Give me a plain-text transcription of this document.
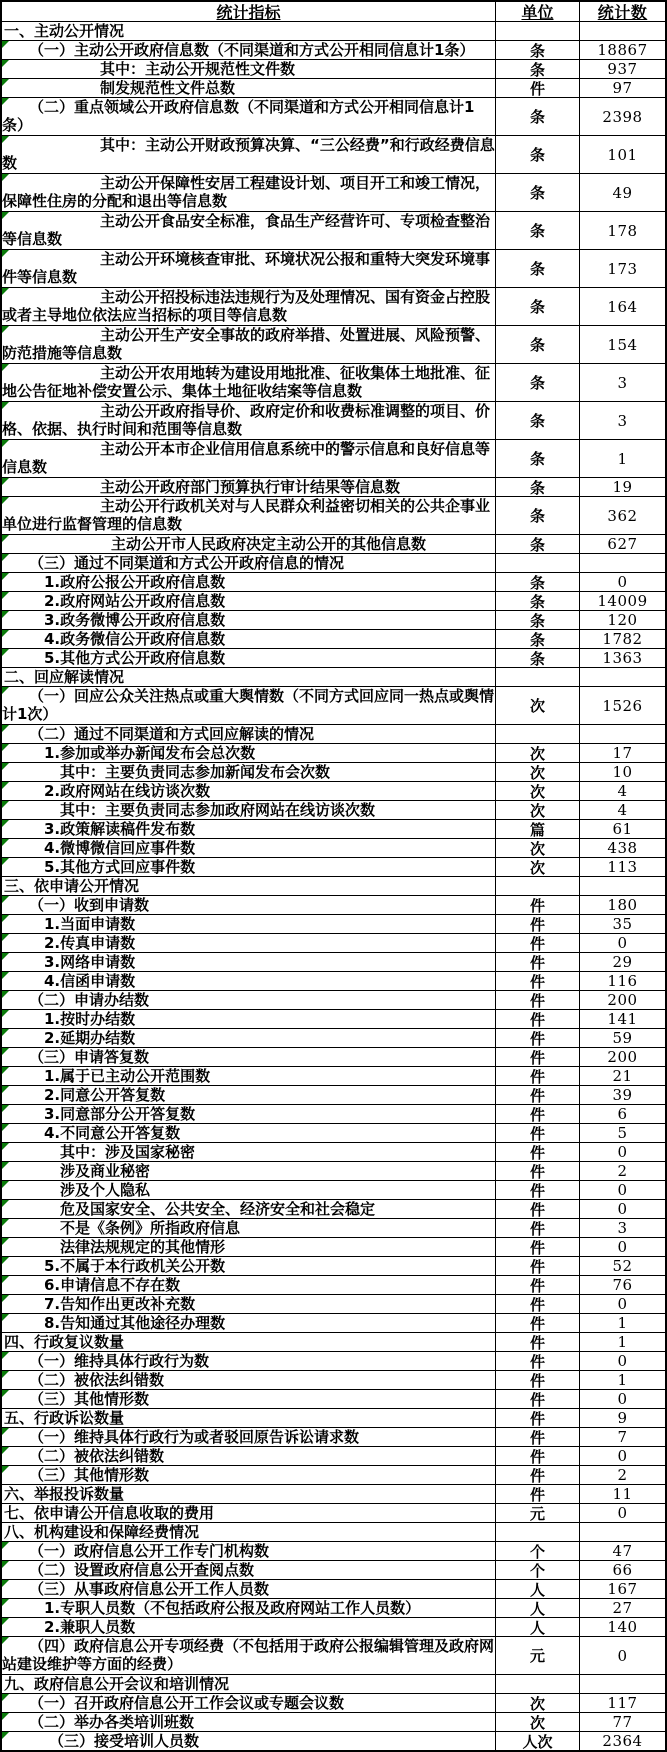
统计指标	单位	统计数
一、主动公开情况
（一）主动公开政府信息数（不同渠道和方式公开相同信息计1条）	条	18867
其中：主动公开规范性文件数	条	937
制发规范性文件总数	件	97
（二）重点领域公开政府信息数（不同渠道和方式公开相同信息计1条）	条	2398
其中：主动公开财政预算决算、“三公经费”和行政经费信息数	条	101
主动公开保障性安居工程建设计划、项目开工和竣工情况，保障性住房的分配和退出等信息数	条	49
主动公开食品安全标准，食品生产经营许可、专项检查整治等信息数	条	178
主动公开环境核查审批、环境状况公报和重特大突发环境事件等信息数	条	173
主动公开招投标违法违规行为及处理情况、国有资金占控股或者主导地位依法应当招标的项目等信息数	条	164
主动公开生产安全事故的政府举措、处置进展、风险预警、防范措施等信息数	条	154
主动公开农用地转为建设用地批准、征收集体土地批准、征地公告征地补偿安置公示、集体土地征收结案等信息数	条	3
主动公开政府指导价、政府定价和收费标准调整的项目、价格、依据、执行时间和范围等信息数	条	3
主动公开本市企业信用信息系统中的警示信息和良好信息等信息数	条	1
主动公开政府部门预算执行审计结果等信息数	条	19
主动公开行政机关对与人民群众利益密切相关的公共企事业单位进行监督管理的信息数	条	362
主动公开市人民政府决定主动公开的其他信息数	条	627
（三）通过不同渠道和方式公开政府信息的情况
1.政府公报公开政府信息数	条	0
2.政府网站公开政府信息数	条	14009
3.政务微博公开政府信息数	条	120
4.政务微信公开政府信息数	条	1782
5.其他方式公开政府信息数	条	1363
二、回应解读情况
（一）回应公众关注热点或重大舆情数（不同方式回应同一热点或舆情计1次）	次	1526
（二）通过不同渠道和方式回应解读的情况
1.参加或举办新闻发布会总次数	次	17
其中：主要负责同志参加新闻发布会次数	次	10
2.政府网站在线访谈次数	次	4
其中：主要负责同志参加政府网站在线访谈次数	次	4
3.政策解读稿件发布数	篇	61
4.微博微信回应事件数	次	438
5.其他方式回应事件数	次	113
三、依申请公开情况
（一）收到申请数	件	180
1.当面申请数	件	35
2.传真申请数	件	0
3.网络申请数	件	29
4.信函申请数	件	116
（二）申请办结数	件	200
1.按时办结数	件	141
2.延期办结数	件	59
（三）申请答复数	件	200
1.属于已主动公开范围数	件	21
2.同意公开答复数	件	39
3.同意部分公开答复数	件	6
4.不同意公开答复数	件	5
其中：涉及国家秘密	件	0
涉及商业秘密	件	2
涉及个人隐私	件	0
危及国家安全、公共安全、经济安全和社会稳定	件	0
不是《条例》所指政府信息	件	3
法律法规规定的其他情形	件	0
5.不属于本行政机关公开数	件	52
6.申请信息不存在数	件	76
7.告知作出更改补充数	件	0
8.告知通过其他途径办理数	件	1
四、行政复议数量	件	1
（一）维持具体行政行为数	件	0
（二）被依法纠错数	件	1
（三）其他情形数	件	0
五、行政诉讼数量	件	9
（一）维持具体行政行为或者驳回原告诉讼请求数	件	7
（二）被依法纠错数	件	0
（三）其他情形数	件	2
六、举报投诉数量	件	11
七、依申请公开信息收取的费用	元	0
八、机构建设和保障经费情况
（一）政府信息公开工作专门机构数	个	47
（二）设置政府信息公开查阅点数	个	66
（三）从事政府信息公开工作人员数	人	167
1.专职人员数（不包括政府公报及政府网站工作人员数）	人	27
2.兼职人员数	人	140
（四）政府信息公开专项经费（不包括用于政府公报编辑管理及政府网站建设维护等方面的经费）	元	0
九、政府信息公开会议和培训情况
（一）召开政府信息公开工作会议或专题会议数	次	117
（二）举办各类培训班数	次	77
（三）接受培训人员数	人次	2364
